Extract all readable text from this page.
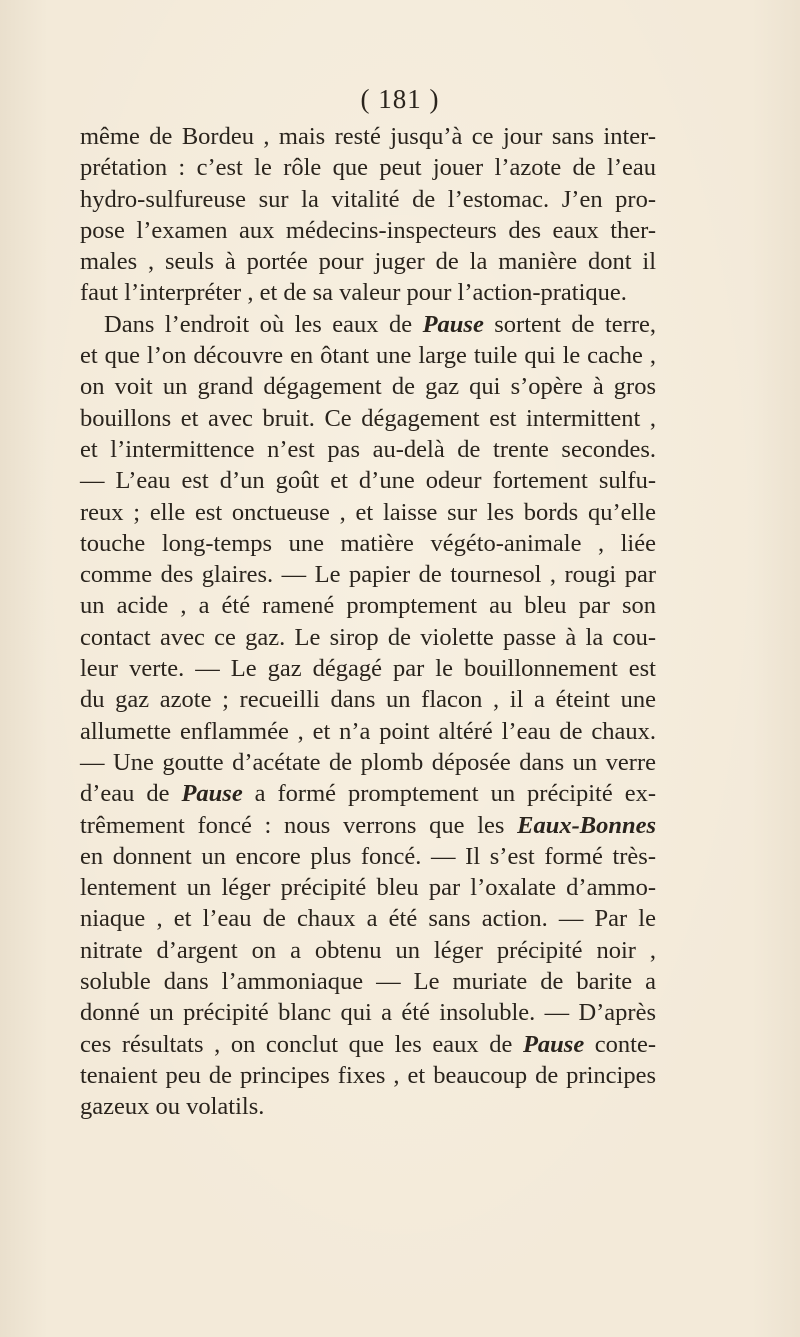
( 181 )
même de Bordeu , mais resté jusqu’à ce jour sans inter-
prétation : c’est le rôle que peut jouer l’azote de l’eau
hydro-sulfureuse sur la vitalité de l’estomac. J’en pro-
pose l’examen aux médecins-inspecteurs des eaux ther-
males , seuls à portée pour juger de la manière dont il
faut l’interpréter , et de sa valeur pour l’action-pratique.
Dans l’endroit où les eaux de Pause sortent de terre,
et que l’on découvre en ôtant une large tuile qui le cache ,
on voit un grand dégagement de gaz qui s’opère à gros
bouillons et avec bruit. Ce dégagement est intermittent ,
et l’intermittence n’est pas au-delà de trente secondes.
— L’eau est d’un goût et d’une odeur fortement sulfu-
reux ; elle est onctueuse , et laisse sur les bords qu’elle
touche long-temps une matière végéto-animale , liée
comme des glaires. — Le papier de tournesol , rougi par
un acide , a été ramené promptement au bleu par son
contact avec ce gaz. Le sirop de violette passe à la cou-
leur verte. — Le gaz dégagé par le bouillonnement est
du gaz azote ; recueilli dans un flacon , il a éteint une
allumette enflammée , et n’a point altéré l’eau de chaux.
— Une goutte d’acétate de plomb déposée dans un verre
d’eau de Pause a formé promptement un précipité ex-
trêmement foncé : nous verrons que les Eaux-Bonnes
en donnent un encore plus foncé. — Il s’est formé très-
lentement un léger précipité bleu par l’oxalate d’ammo-
niaque , et l’eau de chaux a été sans action. — Par le
nitrate d’argent on a obtenu un léger précipité noir ,
soluble dans l’ammoniaque — Le muriate de barite a
donné un précipité blanc qui a été insoluble. — D’après
ces résultats , on conclut que les eaux de Pause conte-
tenaient peu de principes fixes , et beaucoup de principes
gazeux ou volatils.
